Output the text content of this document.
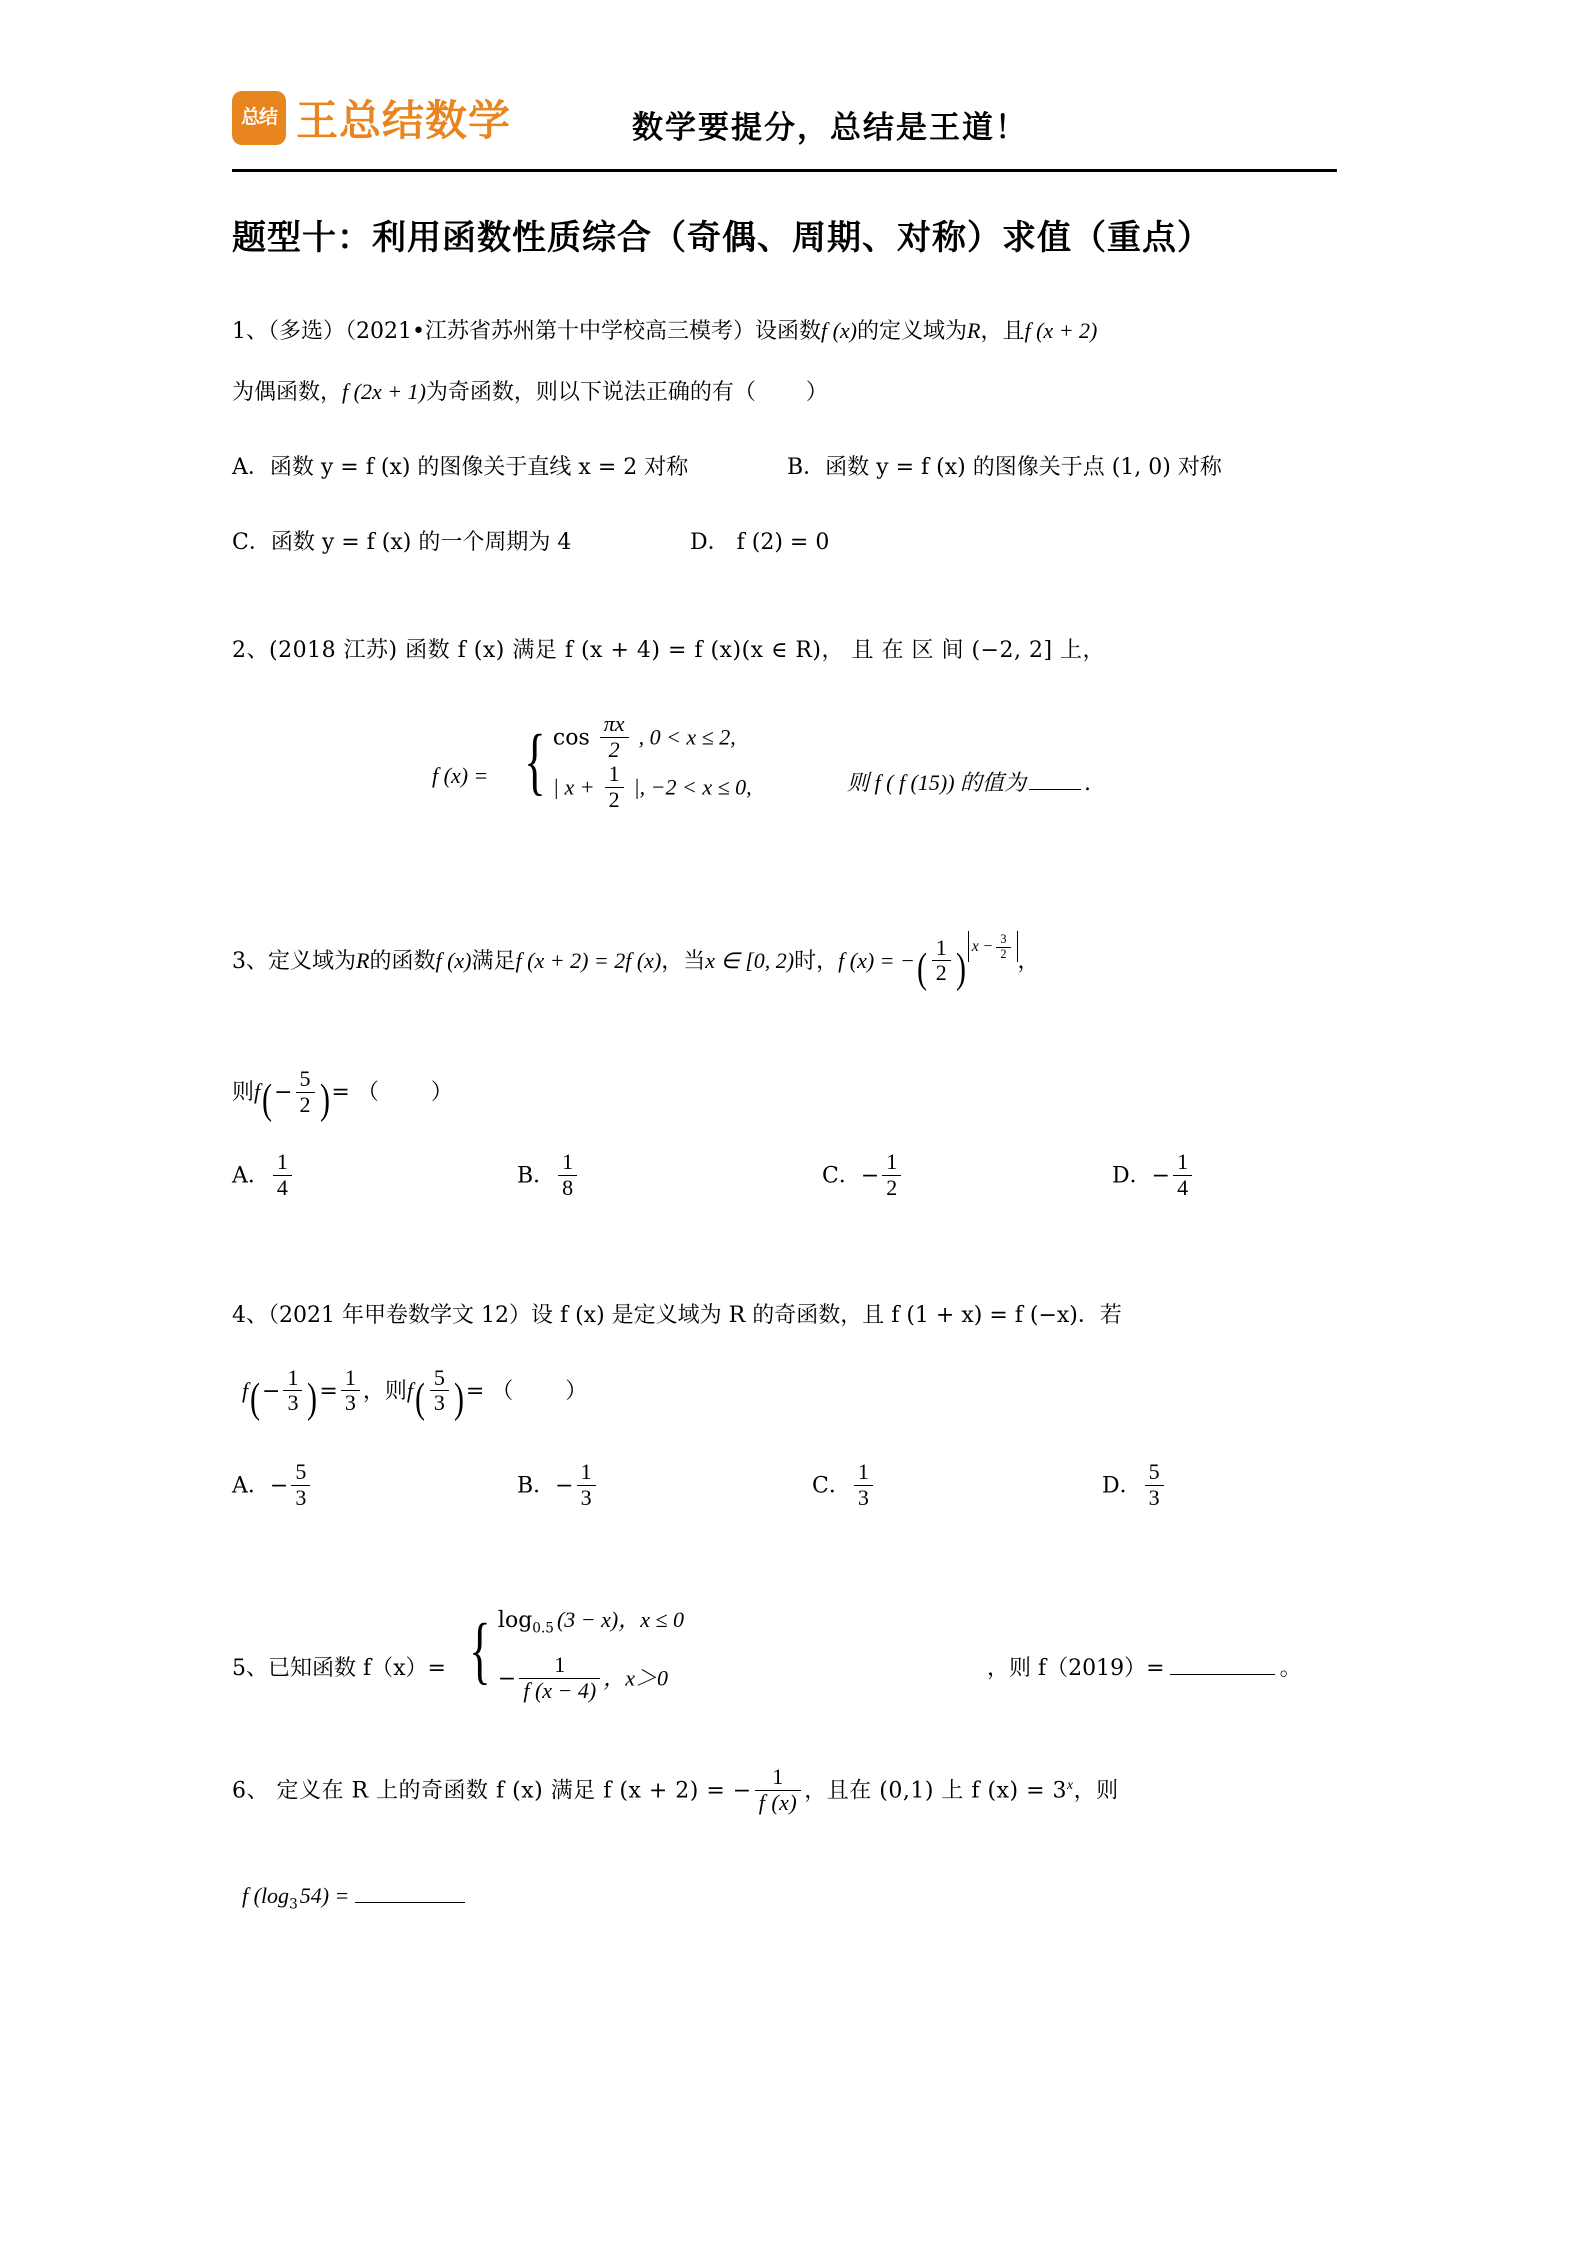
总结 王总结数学	数学要提分，总结是王道！
题型十：利用函数性质综合（奇偶、周期、对称）求值（重点）
1、（多选）（2021•江苏省苏州第十中学校高三模考）设函数f (x)的定义域为R，且f (x + 2)
为偶函数，f (2x + 1)为奇函数，则以下说法正确的有（ ）
A．函数 y = f (x) 的图像关于直线 x = 2 对称	B．函数 y = f (x) 的图像关于点 (1, 0) 对称
C．函数 y = f (x) 的一个周期为 4	D． f (2) = 0
2、(2018 江苏) 函数 f (x) 满足 f (x + 4) = f (x)(x ∈ R)， 且 在 区 间 (−2, 2] 上，
f (x) = { $\cos \frac{\pi x}{2}$ , 0 < x ≤ 2,
| $x + \frac{1}{2}$ |, −2 < x ≤ 0,	则 f ( f (15)) 的值为	.
3、定义域为R的函数f (x)满足f (x + 2) = 2f (x)，当x ∈ [0, 2)时，f (x) = −( $\frac{1}{2}$ ) $x - \frac{3}{2}$
，
则$f(- \frac{5}{2}$ )= （ ）
A． $\frac{1}{4}$	B． $\frac{1}{8}$	C．− $\frac{1}{2}$	D．− $\frac{1}{4}$
4、（2021 年甲卷数学文 12）设 f (x) 是定义域为 R 的奇函数，且 f (1 + x) = f (−x)．若
$f(- \frac{1}{3}$ )= $\frac{1}{3}$ ，则$f( \frac{5}{3}$ )= （ ）
A．− $\frac{5}{3}$	B．− $\frac{1}{3}$	C． $\frac{1}{3}$	D． $\frac{5}{3}$
5、已知函数 f（x）= { $\log_{0.5} (3 - x)$，x ≤ 0
− $\frac{1}{f (x - 4)}$ ，x＞0	，则 f（2019）=	。
6、 定义在 R 上的奇函数 f (x) 满足 f (x + 2) = − $\frac{1}{f (x)}$ ，且在 (0,1) 上 f $(x) = 3^x$，则
f $(\log_354)$ =
